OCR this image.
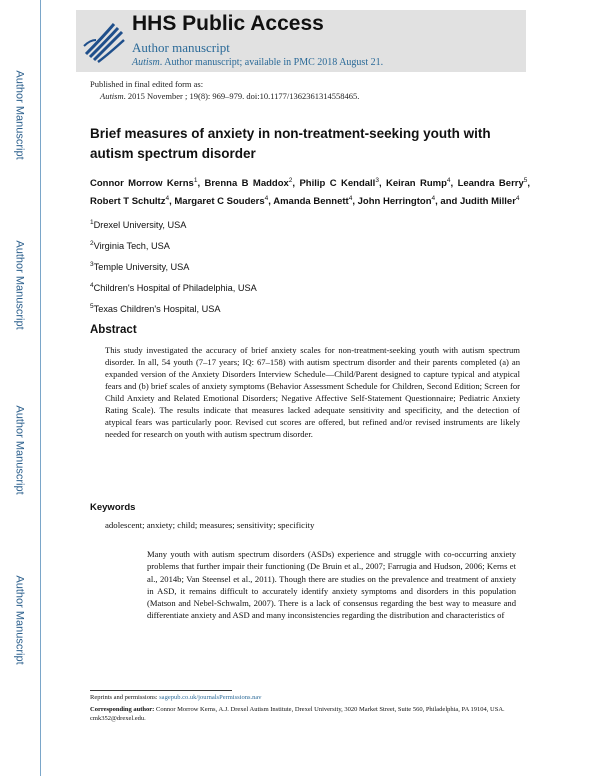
Author Manuscript
Author Manuscript
Author Manuscript
Author Manuscript
HHS Public Access
Author manuscript
Autism. Author manuscript; available in PMC 2018 August 21.
Published in final edited form as:
Autism. 2015 November ; 19(8): 969–979. doi:10.1177/1362361314558465.
Brief measures of anxiety in non-treatment-seeking youth with autism spectrum disorder
Connor Morrow Kerns$^1$, Brenna B Maddox$^2$, Philip C Kendall$^3$, Keiran Rump$^4$, Leandra Berry$^5$, Robert T Schultz$^4$, Margaret C Souders$^4$, Amanda Bennett$^4$, John Herrington$^4$, and Judith Miller$^4$
$^1$Drexel University, USA
$^2$Virginia Tech, USA
$^3$Temple University, USA
$^4$Children's Hospital of Philadelphia, USA
$^5$Texas Children's Hospital, USA
Abstract
This study investigated the accuracy of brief anxiety scales for non-treatment-seeking youth with autism spectrum disorder. In all, 54 youth (7–17 years; IQ: 67–158) with autism spectrum disorder and their parents completed (a) an expanded version of the Anxiety Disorders Interview Schedule—Child/Parent designed to capture typical and atypical fears and (b) brief scales of anxiety symptoms (Behavior Assessment Schedule for Children, Second Edition; Screen for Child Anxiety and Related Emotional Disorders; Negative Affective Self-Statement Questionnaire; Pediatric Anxiety Rating Scale). The results indicate that measures lacked adequate sensitivity and specificity, and the detection of atypical fears was particularly poor. Revised cut scores are offered, but refined and/or revised instruments are likely needed for research on youth with autism spectrum disorder.
Keywords
adolescent; anxiety; child; measures; sensitivity; specificity
Many youth with autism spectrum disorders (ASDs) experience and struggle with co-occurring anxiety problems that further impair their functioning (De Bruin et al., 2007; Farrugia and Hudson, 2006; Kerns et al., 2014b; Van Steensel et al., 2011). Though there are studies on the prevalence and treatment of anxiety in ASD, it remains difficult to accurately identify anxiety symptoms and disorders in this population (Matson and Nebel-Schwalm, 2007). There is a lack of consensus regarding the best way to measure and differentiate anxiety and ASD and many inconsistencies regarding the distribution and characteristics of
Reprints and permissions: sagepub.co.uk/journalsPermissions.nav
Corresponding author: Connor Morrow Kerns, A.J. Drexel Autism Institute, Drexel University, 3020 Market Street, Suite 560, Philadelphia, PA 19104, USA. cmk352@drexel.edu.
